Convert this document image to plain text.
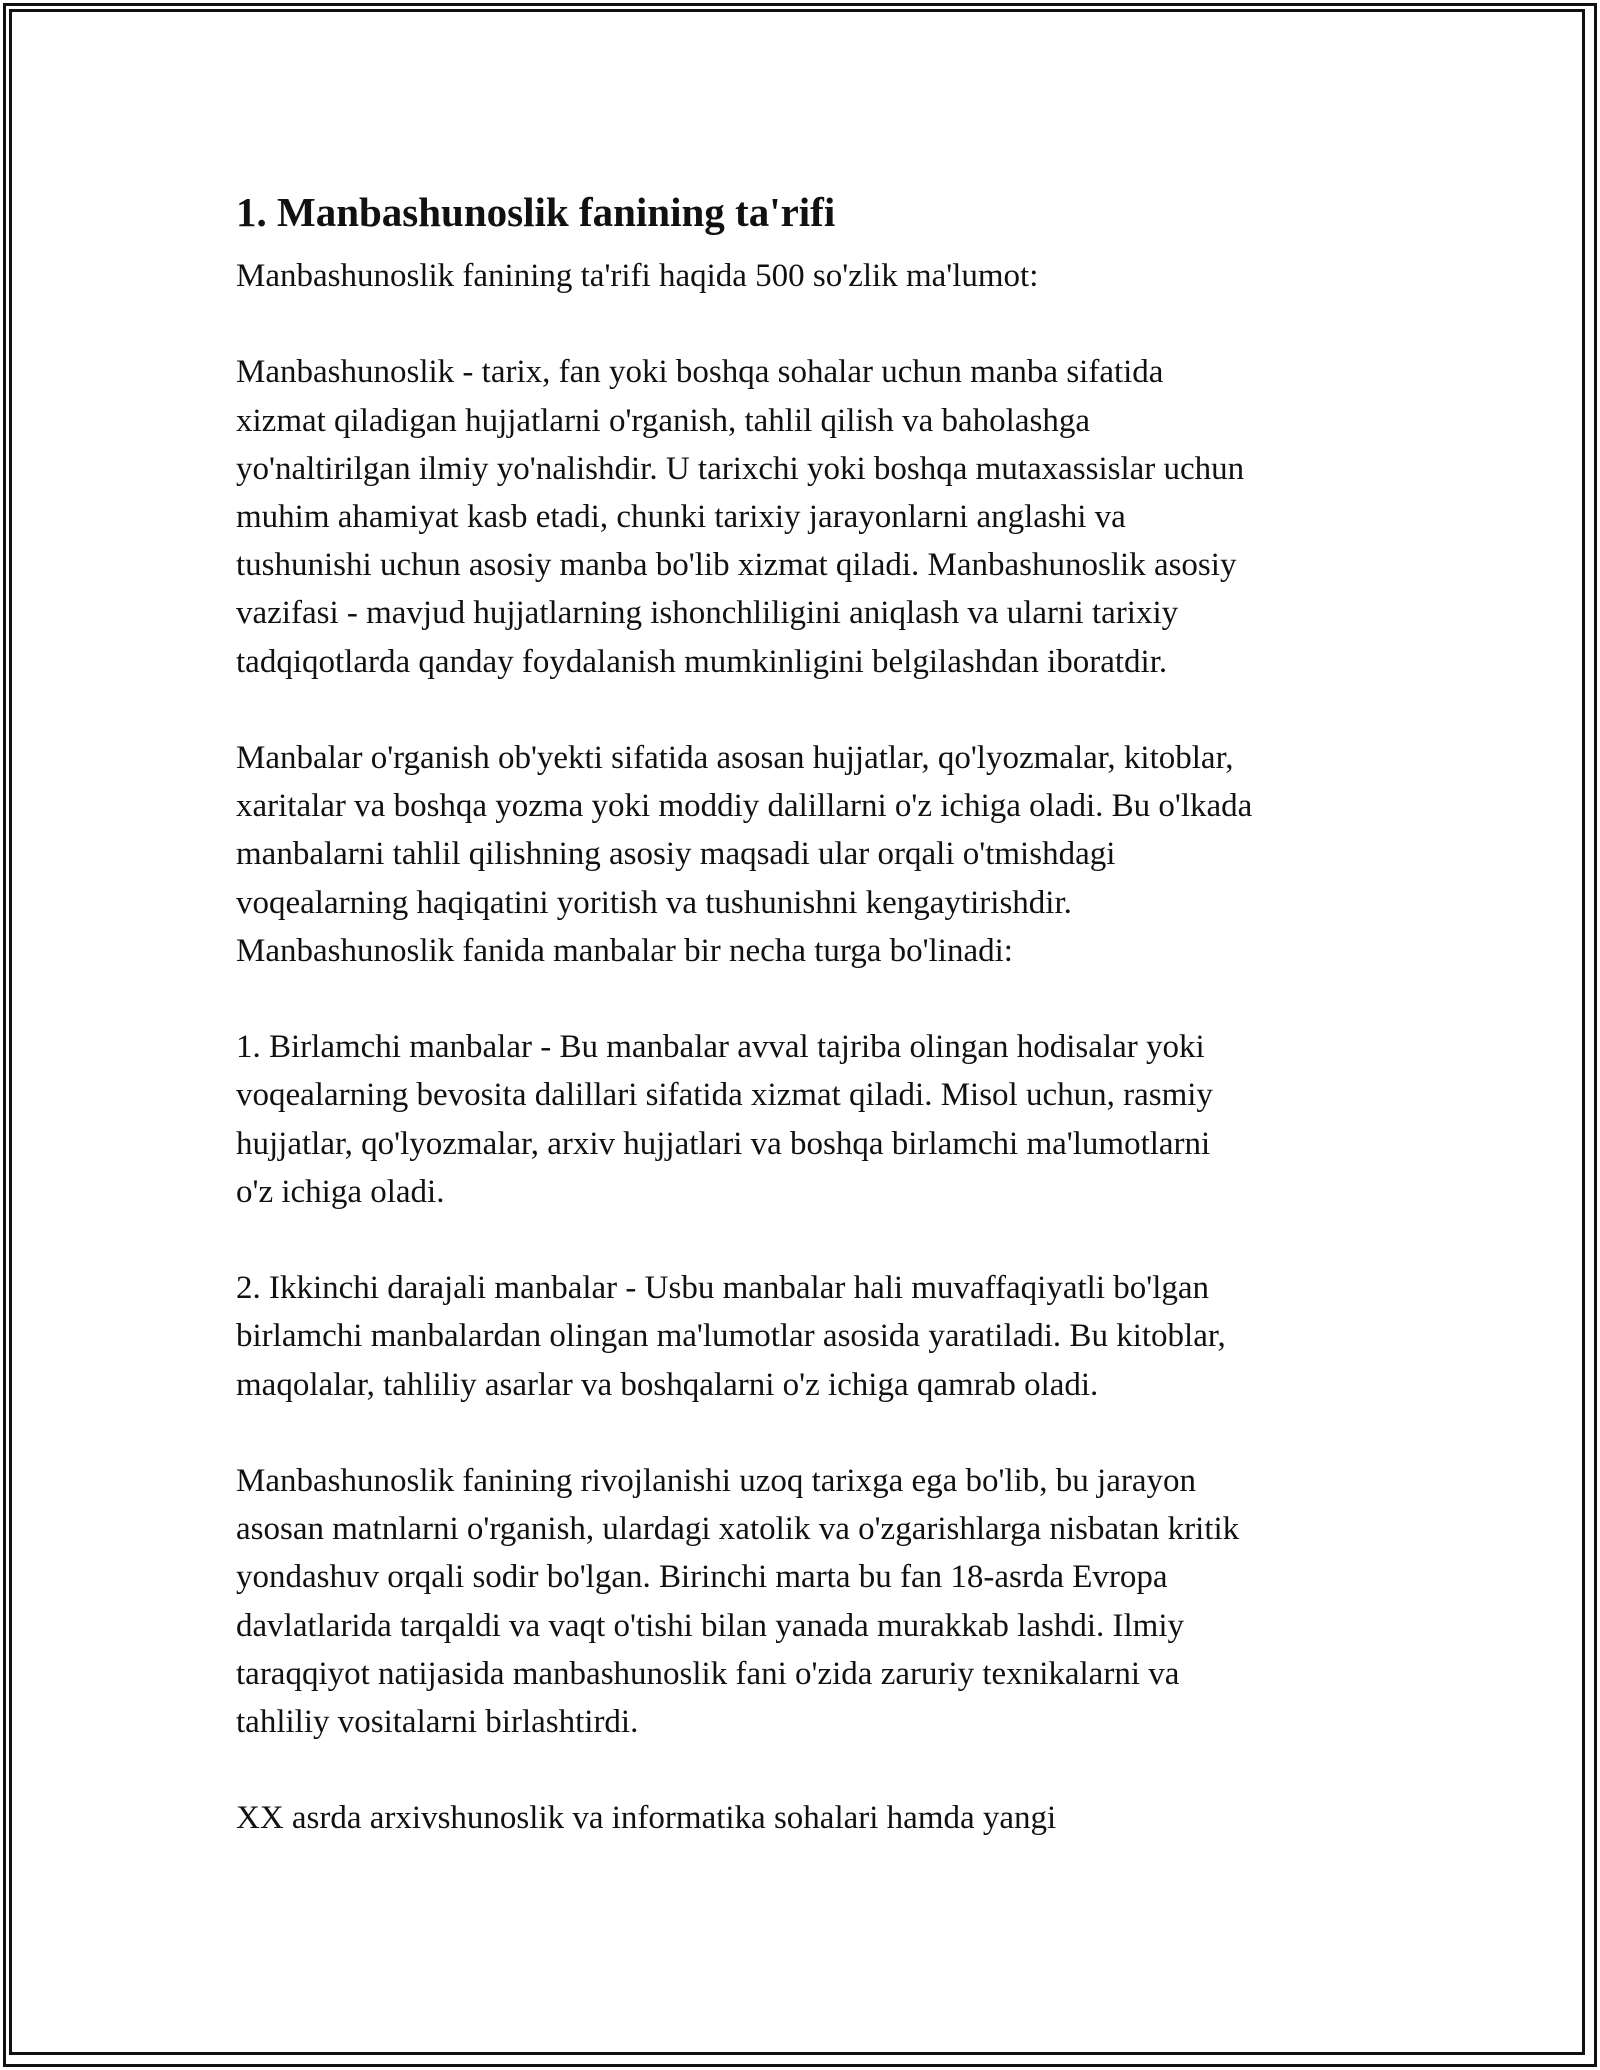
1. Manbashunoslik fanining ta'rifi

Manbashunoslik fanining ta'rifi haqida 500 so'zlik ma'lumot:

Manbashunoslik - tarix, fan yoki boshqa sohalar uchun manba sifatida
xizmat qiladigan hujjatlarni o'rganish, tahlil qilish va baholashga
yo'naltirilgan ilmiy yo'nalishdir. U tarixchi yoki boshqa mutaxassislar uchun
muhim ahamiyat kasb etadi, chunki tarixiy jarayonlarni anglashi va
tushunishi uchun asosiy manba bo'lib xizmat qiladi. Manbashunoslik asosiy
vazifasi - mavjud hujjatlarning ishonchliligini aniqlash va ularni tarixiy
tadqiqotlarda qanday foydalanish mumkinligini belgilashdan iboratdir.

Manbalar o'rganish ob'yekti sifatida asosan hujjatlar, qo'lyozmalar, kitoblar,
xaritalar va boshqa yozma yoki moddiy dalillarni o'z ichiga oladi. Bu o'lkada
manbalarni tahlil qilishning asosiy maqsadi ular orqali o'tmishdagi
voqealarning haqiqatini yoritish va tushunishni kengaytirishdir.
Manbashunoslik fanida manbalar bir necha turga bo'linadi:

1. Birlamchi manbalar - Bu manbalar avval tajriba olingan hodisalar yoki
voqealarning bevosita dalillari sifatida xizmat qiladi. Misol uchun, rasmiy
hujjatlar, qo'lyozmalar, arxiv hujjatlari va boshqa birlamchi ma'lumotlarni
o'z ichiga oladi.

2. Ikkinchi darajali manbalar - Usbu manbalar hali muvaffaqiyatli bo'lgan
birlamchi manbalardan olingan ma'lumotlar asosida yaratiladi. Bu kitoblar,
maqolalar, tahliliy asarlar va boshqalarni o'z ichiga qamrab oladi.

Manbashunoslik fanining rivojlanishi uzoq tarixga ega bo'lib, bu jarayon
asosan matnlarni o'rganish, ulardagi xatolik va o'zgarishlarga nisbatan kritik
yondashuv orqali sodir bo'lgan. Birinchi marta bu fan 18-asrda Evropa
davlatlarida tarqaldi va vaqt o'tishi bilan yanada murakkab lashdi. Ilmiy
taraqqiyot natijasida manbashunoslik fani o'zida zaruriy texnikalarni va
tahliliy vositalarni birlashtirdi.

XX asrda arxivshunoslik va informatika sohalari hamda yangi
